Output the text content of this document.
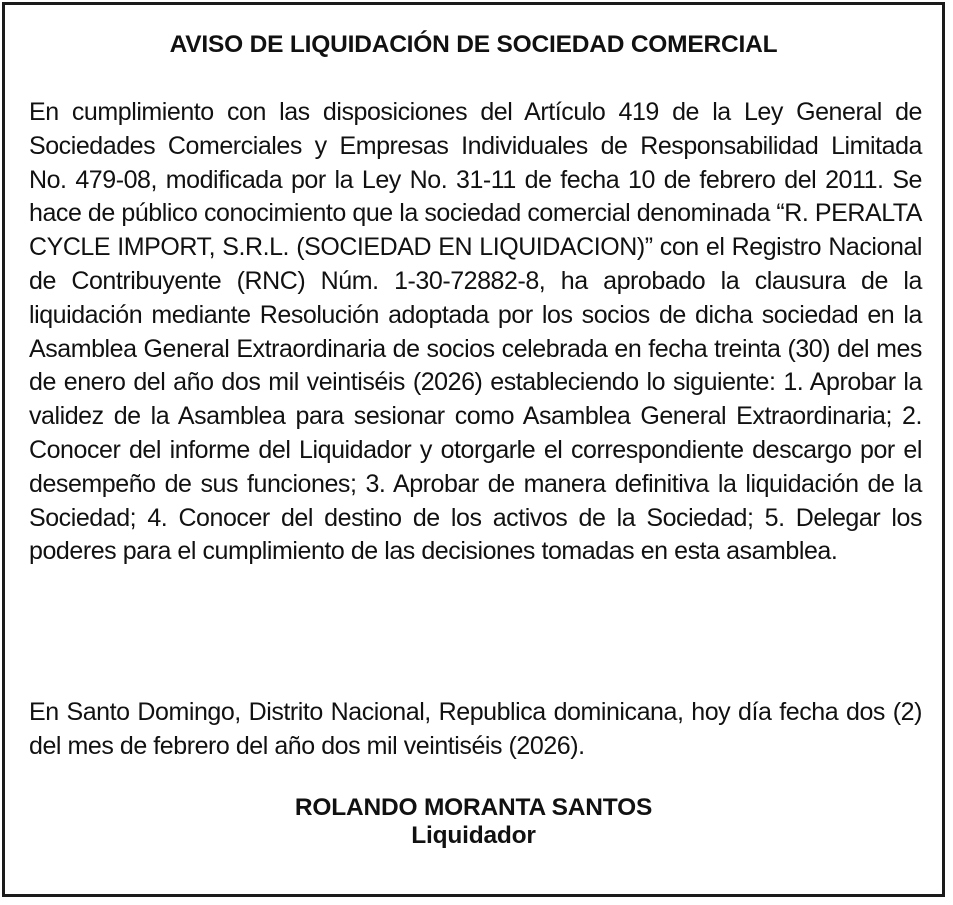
AVISO DE LIQUIDACIÓN DE SOCIEDAD COMERCIAL

En cumplimiento con las disposiciones del Artículo 419 de la Ley General de Sociedades Comerciales y Empresas Individuales de Responsabilidad Limitada No. 479-08, modificada por la Ley No. 31-11 de fecha 10 de febrero del 2011. Se hace de público conocimiento que la sociedad comercial denominada “R. PERALTA CYCLE IMPORT, S.R.L. (SOCIEDAD EN LIQUIDACION)” con el Registro Nacional de Contribuyente (RNC) Núm. 1-30-72882-8, ha aprobado la clausura de la liquidación mediante Resolución adoptada por los socios de dicha sociedad en la Asamblea General Extraordinaria de socios celebrada en fecha treinta (30) del mes de enero del año dos mil veintiséis (2026) estableciendo lo siguiente: 1. Aprobar la validez de la Asamblea para sesionar como Asamblea General Extraordinaria; 2. Conocer del informe del Liquidador y otorgarle el correspondiente descargo por el desempeño de sus funciones; 3. Aprobar de manera definitiva la liquidación de la Sociedad; 4. Conocer del destino de los activos de la Sociedad; 5. Delegar los poderes para el cumplimiento de las decisiones tomadas en esta asamblea.

En Santo Domingo, Distrito Nacional, Republica dominicana, hoy día fecha dos (2) del mes de febrero del año dos mil veintiséis (2026).

ROLANDO MORANTA SANTOS
Liquidador
